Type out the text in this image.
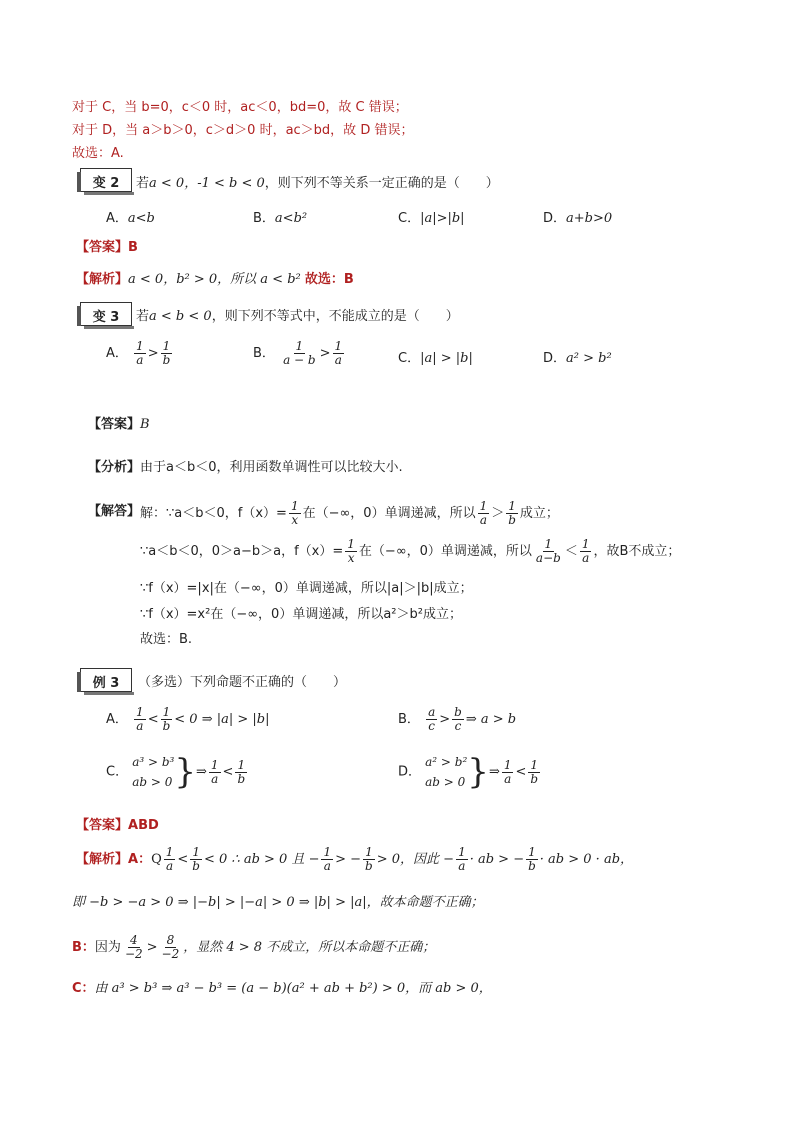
对于 C，当 b=0，c＜0 时，ac＜0，bd=0，故 C 错误；
对于 D，当 a＞b＞0，c＞d＞0 时，ac＞bd，故 D 错误；
故选：A.
变 2	若a < 0，-1 < b < 0，则下列不等关系一定正确的是（　　）
A．a<b	B．a<b²	C．|a|>|b|	D．a+b>0
【答案】B
【解析】a < 0，b² > 0，所以 a < b² 故选：B
变 3	若a < b < 0，则下列不等式中，不能成立的是（　　）
A． $\frac{1}{a} > \frac{1}{b}$	B． $\frac{1}{a - b} > \frac{1}{a}$	C．|a| > |b|	D．a² > b²
【答案】B
【分析】由于a＜b＜0，利用函数单调性可以比较大小.
【解答】 解：∵a＜b＜0，$f(x)= \frac{1}{x}$ 在（−∞，0）单调递减，所以 $\frac{1}{a} > \frac{1}{b}$ 成立；
∵a＜b＜0，0＞a−b＞a，$f(x)= \frac{1}{x}$ 在（−∞，0）单调递减，所以 $\frac{1}{a-b} < \frac{1}{a}$ ，故B不成立；
∵f（x）=|x|在（−∞，0）单调递减，所以|a|＞|b|成立；
∵f（x）=x²在（−∞，0）单调递减，所以a²＞b²成立；
故选：B.
例 3	（多选）下列命题不正确的（　　）
A． $\frac{1}{a} < \frac{1}{b} < 0$ ⇒ |a| > |b|	B． $\frac{a}{c} > \frac{b}{c}$ ⇒ a > b
C．
a³ > b³
ab > 0 }⇒ $\frac{1}{a} < \frac{1}{b}$	D．
a² > b²
ab > 0 }⇒ $\frac{1}{a} < \frac{1}{b}$
【答案】ABD
【解析】A：Q $\frac{1}{a} < \frac{1}{b} < 0$ ∴ ab > 0 且 − $\frac{1}{a}$ > − $\frac{1}{b} > 0$，因此 − $\frac{1}{a}$ · ab > − $\frac{1}{b}$ · ab > 0 · ab，
即 −b > −a > 0 ⇒ |−b| > |−a| > 0 ⇒ |b| > |a|，故本命题不正确；
B：因为 $\frac{4}{-2} > \frac{8}{-2}$ ，显然 4 > 8 不成立，所以本命题不正确；
C：由 a³ > b³ ⇒ a³ − b³ = (a − b)(a² + ab + b²) > 0，而 ab > 0，
